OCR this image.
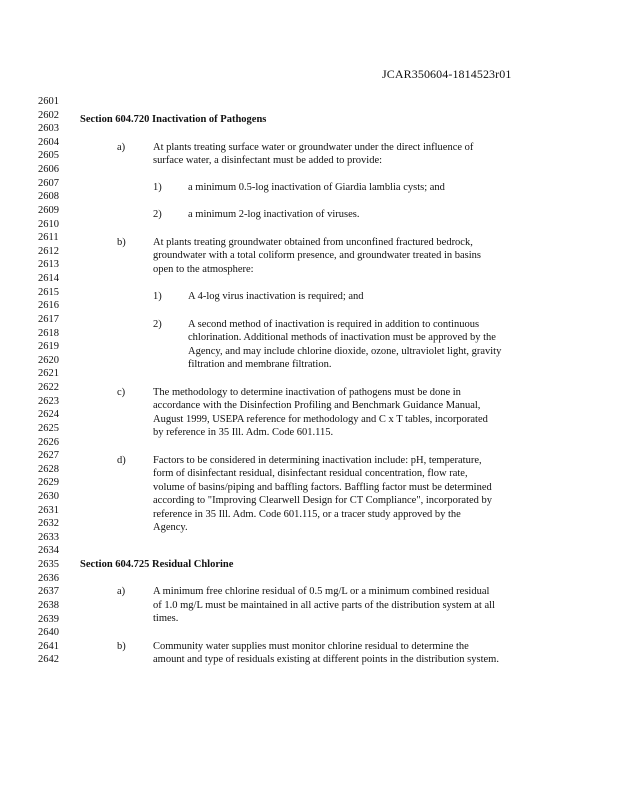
JCAR350604-1814523r01
2601
2602
2603
2604
2605
2606
2607
2608
2609
2610
2611
2612
2613
2614
2615
2616
2617
2618
2619
2620
2621
2622
2623
2624
2625
2626
2627
2628
2629
2630
2631
2632
2633
2634
2635
2636
2637
2638
2639
2640
2641
2642
Section 604.720 Inactivation of Pathogens
a)	At plants treating surface water or groundwater under the direct influence of
surface water, a disinfectant must be added to provide:
1)	a minimum 0.5-log inactivation of Giardia lamblia cysts; and
2)	a minimum 2-log inactivation of viruses.
b)	At plants treating groundwater obtained from unconfined fractured bedrock,
groundwater with a total coliform presence, and groundwater treated in basins
open to the atmosphere:
1)	A 4-log virus inactivation is required; and
2)	A second method of inactivation is required in addition to continuous
chlorination. Additional methods of inactivation must be approved by the
Agency, and may include chlorine dioxide, ozone, ultraviolet light, gravity
filtration and membrane filtration.
c)	The methodology to determine inactivation of pathogens must be done in
accordance with the Disinfection Profiling and Benchmark Guidance Manual,
August 1999, USEPA reference for methodology and C x T tables, incorporated
by reference in 35 Ill. Adm. Code 601.115.
d)	Factors to be considered in determining inactivation include: pH, temperature,
form of disinfectant residual, disinfectant residual concentration, flow rate,
volume of basins/piping and baffling factors. Baffling factor must be determined
according to "Improving Clearwell Design for CT Compliance", incorporated by
reference in 35 Ill. Adm. Code 601.115, or a tracer study approved by the
Agency.
Section 604.725 Residual Chlorine
a)	A minimum free chlorine residual of 0.5 mg/L or a minimum combined residual
of 1.0 mg/L must be maintained in all active parts of the distribution system at all
times.
b)	Community water supplies must monitor chlorine residual to determine the
amount and type of residuals existing at different points in the distribution system.
